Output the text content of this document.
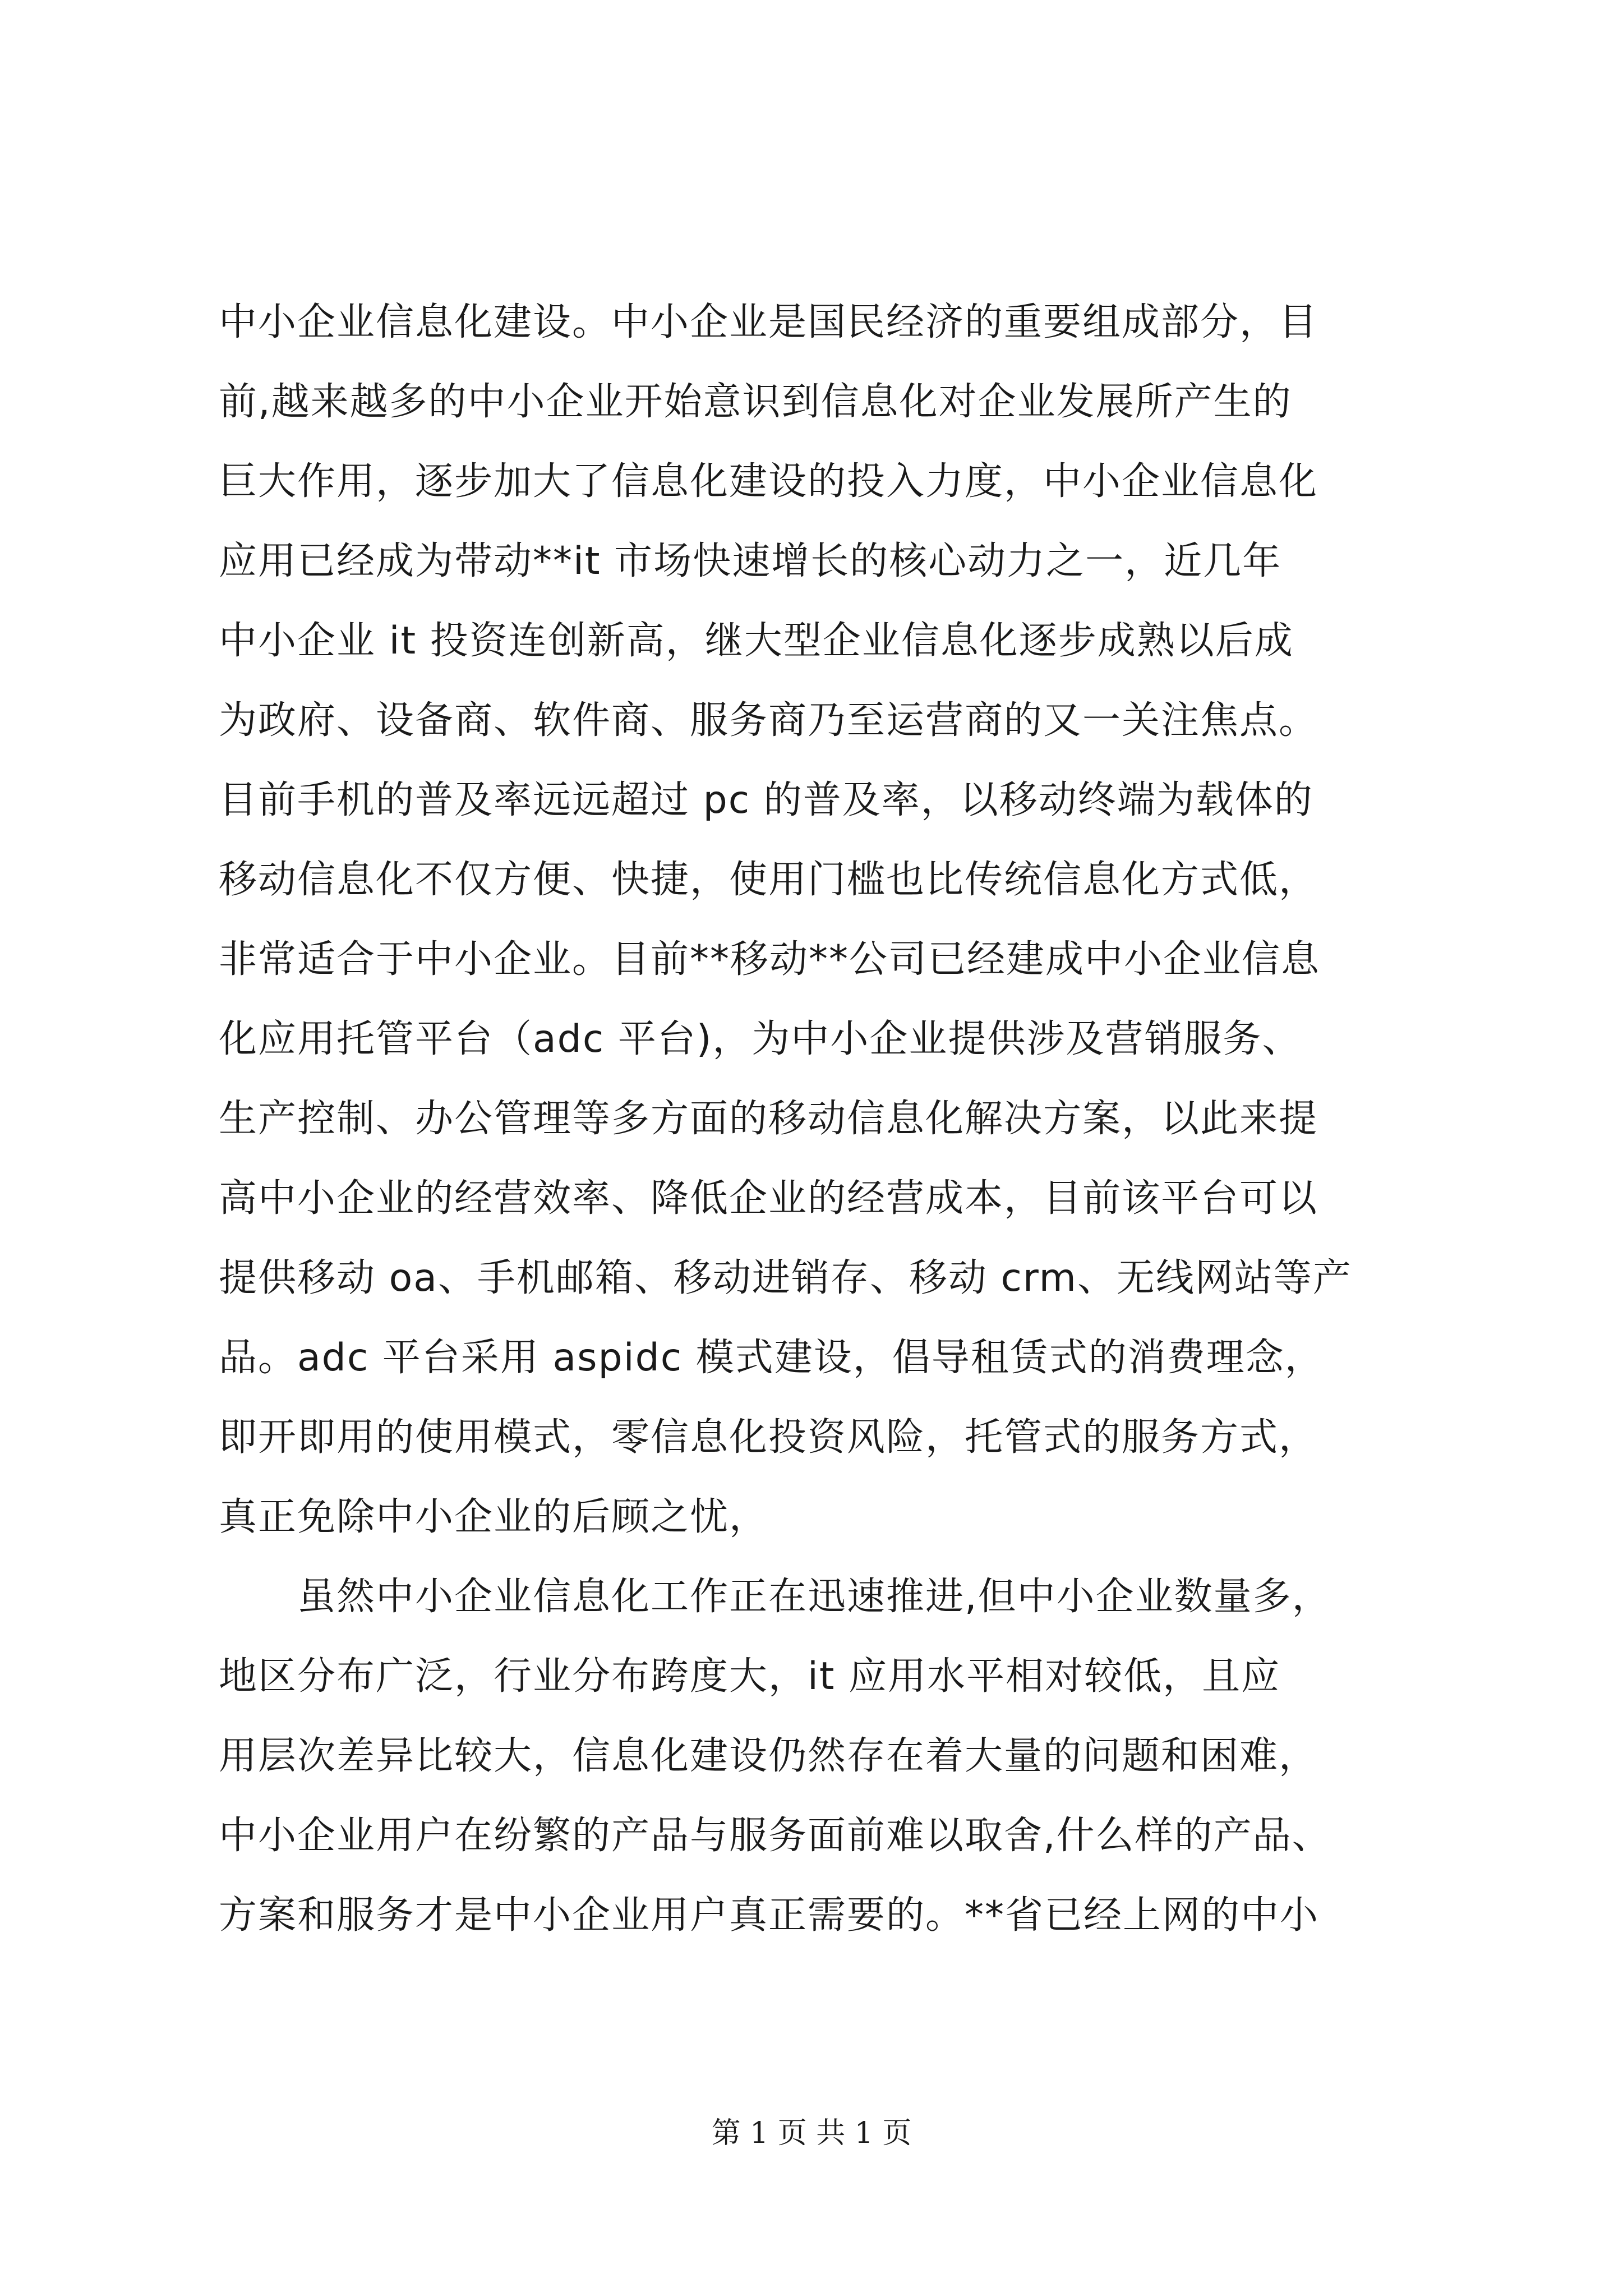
中小企业信息化建设。中小企业是国民经济的重要组成部分，目
前,越来越多的中小企业开始意识到信息化对企业发展所产生的
巨大作用，逐步加大了信息化建设的投入力度，中小企业信息化
应用已经成为带动**it 市场快速增长的核心动力之一，近几年
中小企业 it 投资连创新高，继大型企业信息化逐步成熟以后成
为政府、设备商、软件商、服务商乃至运营商的又一关注焦点。
目前手机的普及率远远超过 pc 的普及率，以移动终端为载体的
移动信息化不仅方便、快捷，使用门槛也比传统信息化方式低，
非常适合于中小企业。目前**移动**公司已经建成中小企业信息
化应用托管平台（adc 平台)，为中小企业提供涉及营销服务、
生产控制、办公管理等多方面的移动信息化解决方案，以此来提
高中小企业的经营效率、降低企业的经营成本，目前该平台可以
提供移动 oa、手机邮箱、移动进销存、移动 crm、无线网站等产
品。adc 平台采用 aspidc 模式建设，倡导租赁式的消费理念，
即开即用的使用模式，零信息化投资风险，托管式的服务方式，
真正免除中小企业的后顾之忧，
　　虽然中小企业信息化工作正在迅速推进,但中小企业数量多，
地区分布广泛，行业分布跨度大，it 应用水平相对较低，且应
用层次差异比较大，信息化建设仍然存在着大量的问题和困难，
中小企业用户在纷繁的产品与服务面前难以取舍,什么样的产品、
方案和服务才是中小企业用户真正需要的。**省已经上网的中小
第 1 页 共 1 页
